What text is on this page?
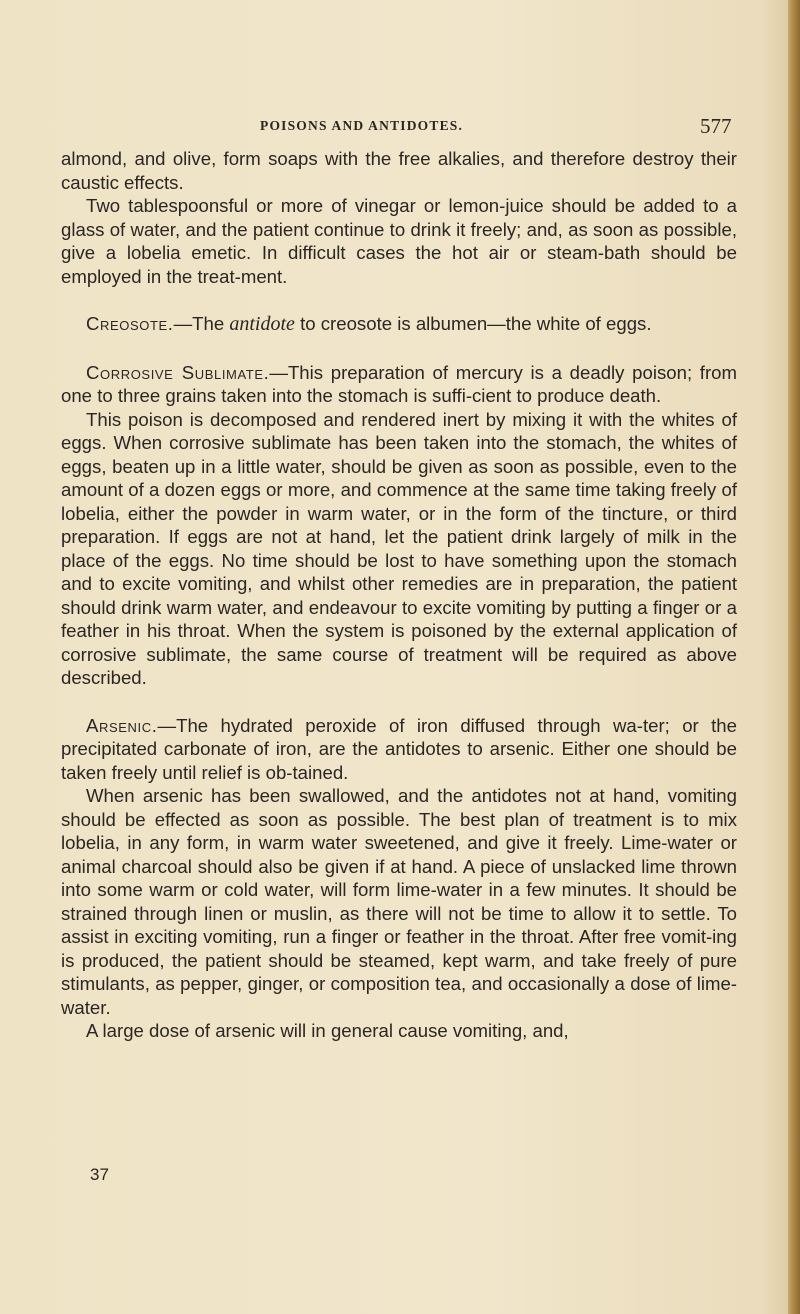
POISONS AND ANTIDOTES.	577

almond, and olive, form soaps with the free alkalies, and therefore destroy their caustic effects.

Two tablespoonsful or more of vinegar or lemon-juice should be added to a glass of water, and the patient continue to drink it freely; and, as soon as possible, give a lobelia emetic. In difficult cases the hot air or steam-bath should be employed in the treat-ment.

Creosote.—The antidote to creosote is albumen—the white of eggs.

Corrosive Sublimate.—This preparation of mercury is a deadly poison; from one to three grains taken into the stomach is suffi-cient to produce death.

This poison is decomposed and rendered inert by mixing it with the whites of eggs. When corrosive sublimate has been taken into the stomach, the whites of eggs, beaten up in a little water, should be given as soon as possible, even to the amount of a dozen eggs or more, and commence at the same time taking freely of lobelia, either the powder in warm water, or in the form of the tincture, or third preparation. If eggs are not at hand, let the patient drink largely of milk in the place of the eggs. No time should be lost to have something upon the stomach and to excite vomiting, and whilst other remedies are in preparation, the patient should drink warm water, and endeavour to excite vomiting by putting a finger or a feather in his throat. When the system is poisoned by the external application of corrosive sublimate, the same course of treatment will be required as above described.

Arsenic.—The hydrated peroxide of iron diffused through wa-ter; or the precipitated carbonate of iron, are the antidotes to arsenic. Either one should be taken freely until relief is ob-tained.

When arsenic has been swallowed, and the antidotes not at hand, vomiting should be effected as soon as possible. The best plan of treatment is to mix lobelia, in any form, in warm water sweetened, and give it freely. Lime-water or animal charcoal should also be given if at hand. A piece of unslacked lime thrown into some warm or cold water, will form lime-water in a few minutes. It should be strained through linen or muslin, as there will not be time to allow it to settle. To assist in exciting vomiting, run a finger or feather in the throat. After free vomit-ing is produced, the patient should be steamed, kept warm, and take freely of pure stimulants, as pepper, ginger, or composition tea, and occasionally a dose of lime-water.

A large dose of arsenic will in general cause vomiting, and,

37
